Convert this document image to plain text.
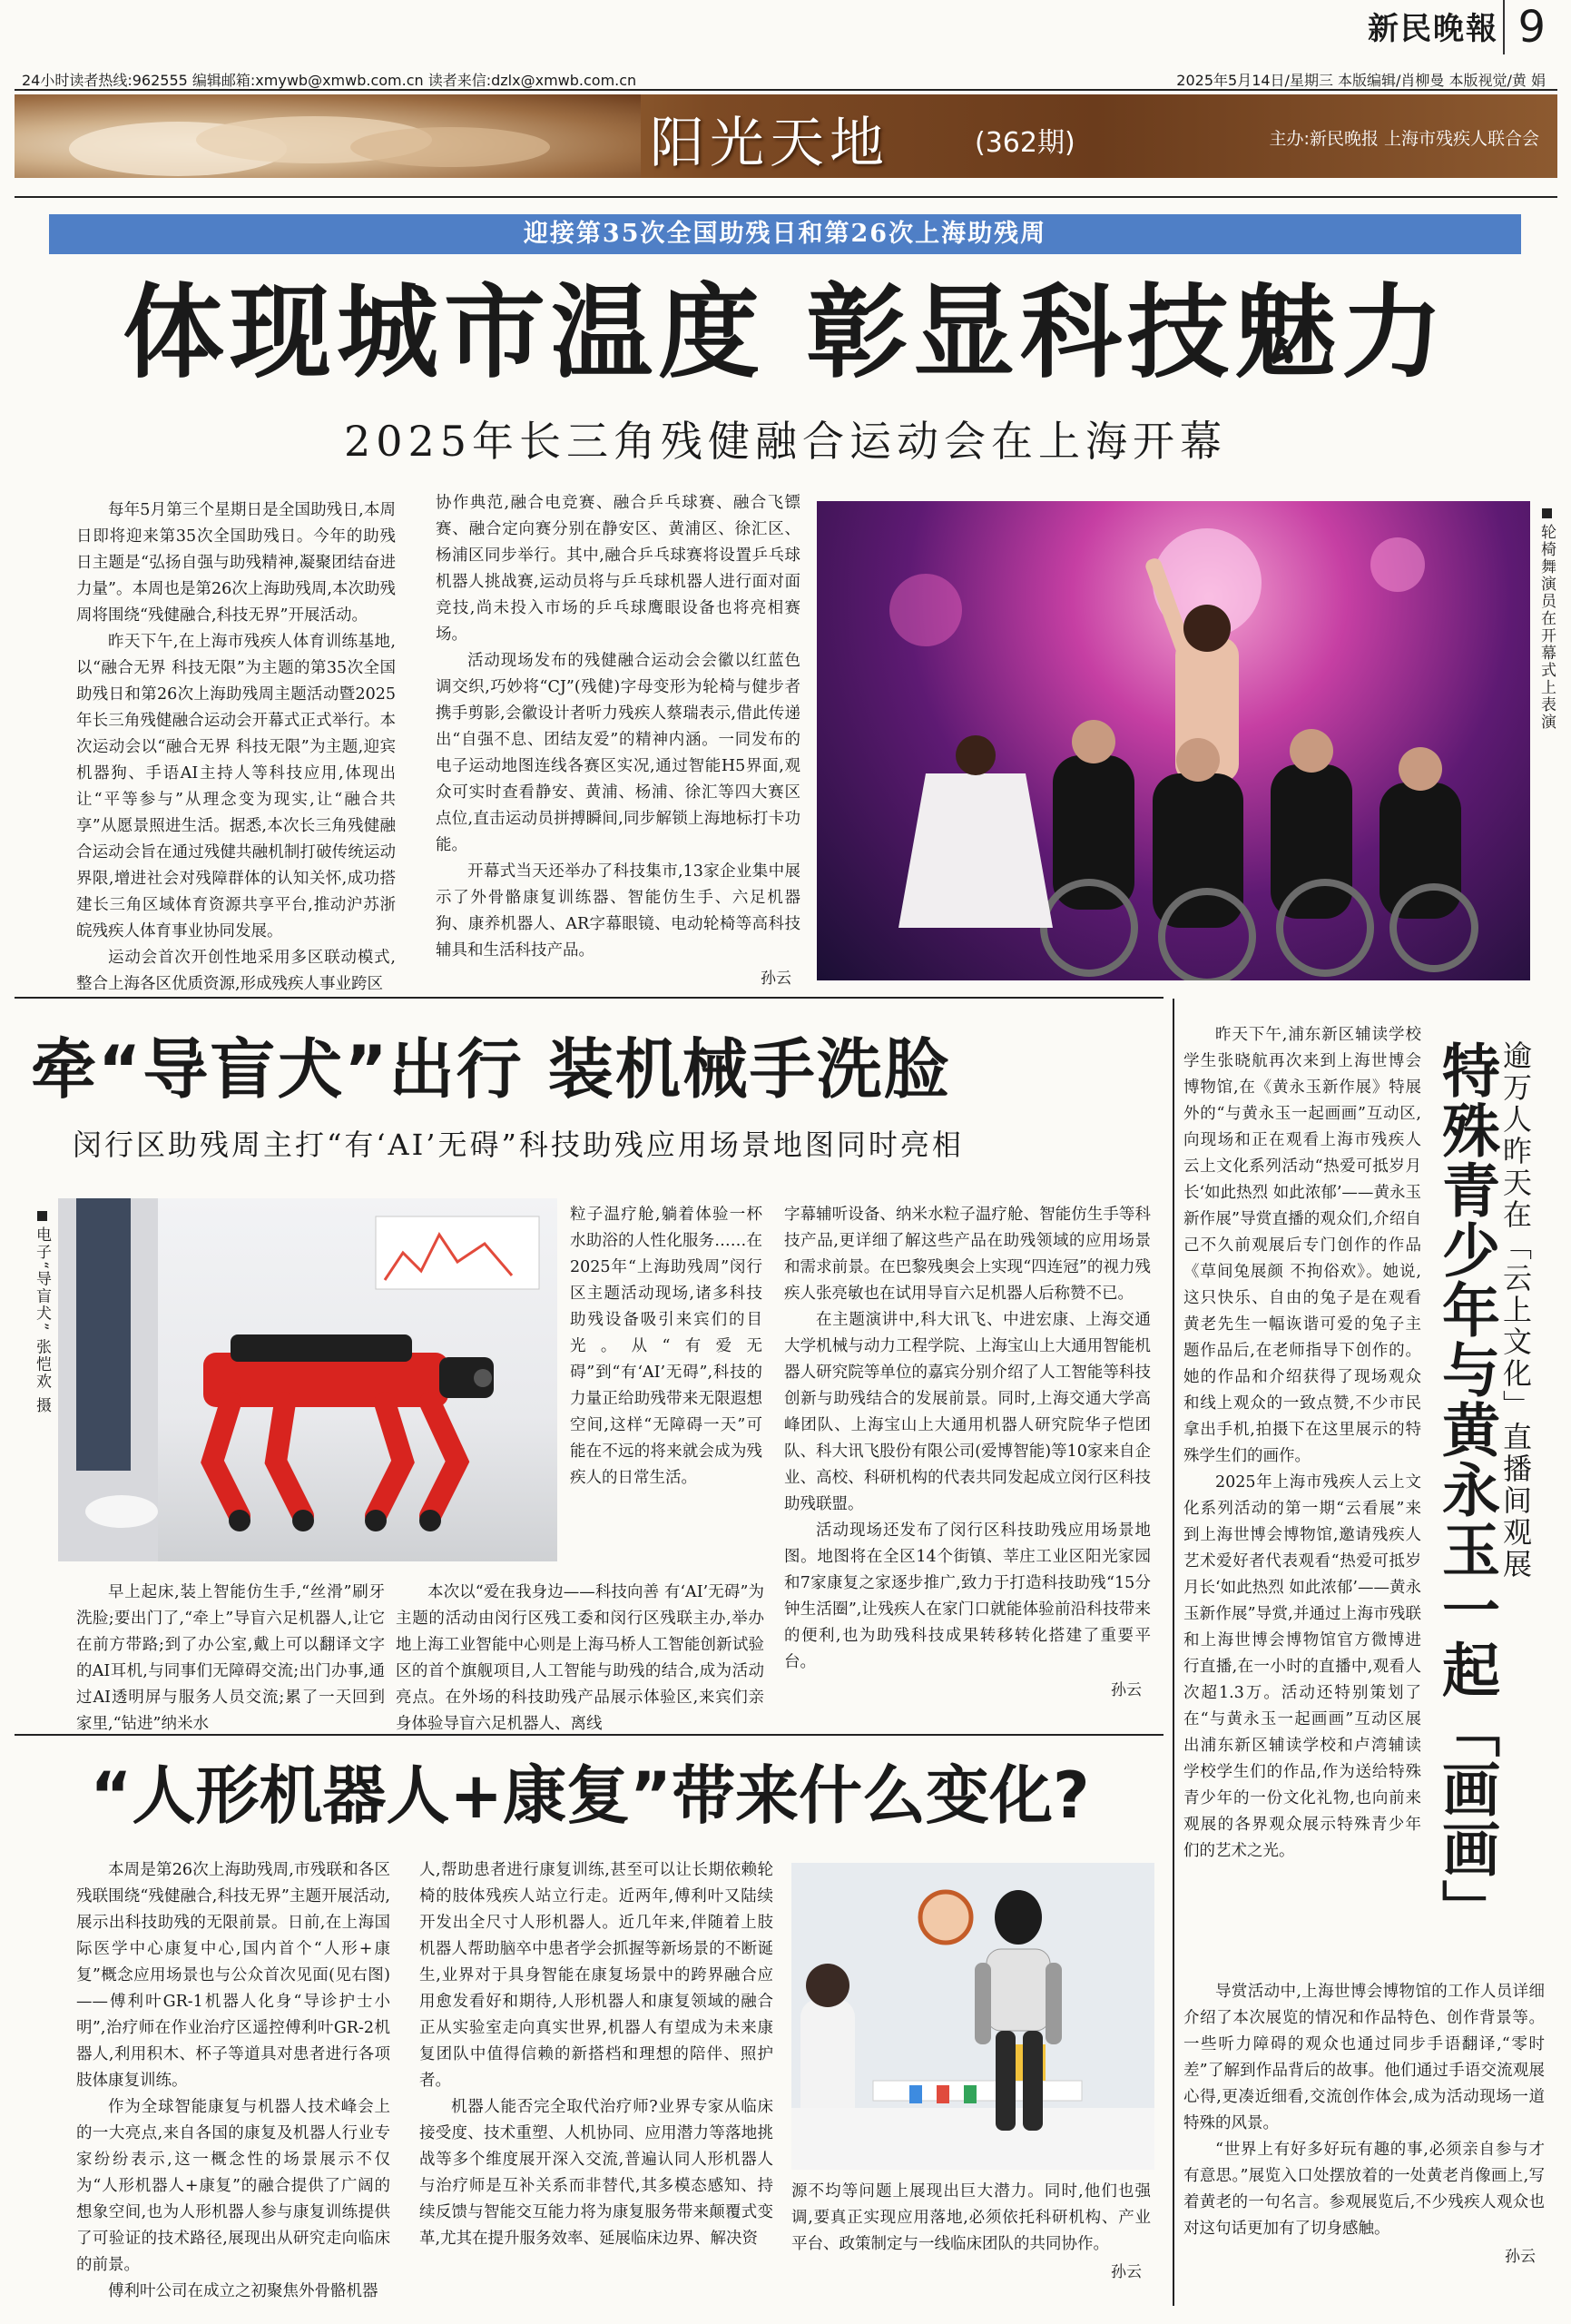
新民晚報 9
24小时读者热线:962555 编辑邮箱:xmywb@xmwb.com.cn 读者来信:dzlx@xmwb.com.cn	2025年5月14日/星期三 本版编辑/肖柳曼 本版视觉/黄 娟
阳光天地	(362期)	主办:新民晚报 上海市残疾人联合会
迎接第35次全国助残日和第26次上海助残周
体现城市温度 彰显科技魅力
2025年长三角残健融合运动会在上海开幕

每年5月第三个星期日是全国助残日,本周日即将迎来第35次全国助残日。今年的助残日主题是“弘扬自强与助残精神,凝聚团结奋进力量”。本周也是第26次上海助残周,本次助残周将围绕“残健融合,科技无界”开展活动。

昨天下午,在上海市残疾人体育训练基地,以“融合无界 科技无限”为主题的第35次全国助残日和第26次上海助残周主题活动暨2025年长三角残健融合运动会开幕式正式举行。本次运动会以“融合无界 科技无限”为主题,迎宾机器狗、手语AI主持人等科技应用,体现出让“平等参与”从理念变为现实,让“融合共享”从愿景照进生活。据悉,本次长三角残健融合运动会旨在通过残健共融机制打破传统运动界限,增进社会对残障群体的认知关怀,成功搭建长三角区域体育资源共享平台,推动沪苏浙皖残疾人体育事业协同发展。

运动会首次开创性地采用多区联动模式,整合上海各区优质资源,形成残疾人事业跨区

协作典范,融合电竞赛、融合乒乓球赛、融合飞镖赛、融合定向赛分别在静安区、黄浦区、徐汇区、杨浦区同步举行。其中,融合乒乓球赛将设置乒乓球机器人挑战赛,运动员将与乒乓球机器人进行面对面竞技,尚未投入市场的乒乓球鹰眼设备也将亮相赛场。

活动现场发布的残健融合运动会会徽以红蓝色调交织,巧妙将“CJ”(残健)字母变形为轮椅与健步者携手剪影,会徽设计者听力残疾人蔡瑞表示,借此传递出“自强不息、团结友爱”的精神内涵。一同发布的电子运动地图连线各赛区实况,通过智能H5界面,观众可实时查看静安、黄浦、杨浦、徐汇等四大赛区点位,直击运动员拼搏瞬间,同步解锁上海地标打卡功能。

开幕式当天还举办了科技集市,13家企业集中展示了外骨骼康复训练器、智能仿生手、六足机器狗、康养机器人、AR字幕眼镜、电动轮椅等高科技辅具和生活科技产品。

孙云
轮椅舞演员在开幕式上表演
牵“导盲犬”出行 装机械手洗脸
闵行区助残周主打“有‘AI’无碍”科技助残应用场景地图同时亮相
电子“导盲犬” 张恺欢 摄

早上起床,装上智能仿生手,“丝滑”刷牙洗脸;要出门了,“牵上”导盲六足机器人,让它在前方带路;到了办公室,戴上可以翻译文字的AI耳机,与同事们无障碍交流;出门办事,通过AI透明屏与服务人员交流;累了一天回到家里,“钻进”纳米水

粒子温疗舱,躺着体验一杯水助浴的人性化服务……在2025年“上海助残周”闵行区主题活动现场,诸多科技助残设备吸引来宾们的目光。从“有爱无碍”到“有‘AI’无碍”,科技的力量正给助残带来无限遐想空间,这样“无障碍一天”可能在不远的将来就会成为残疾人的日常生活。

本次以“爱在我身边——科技向善 有‘AI’无碍”为主题的活动由闵行区残工委和闵行区残联主办,举办地上海工业智能中心则是上海马桥人工智能创新试验区的首个旗舰项目,人工智能与助残的结合,成为活动亮点。在外场的科技助残产品展示体验区,来宾们亲身体验导盲六足机器人、离线

字幕辅听设备、纳米水粒子温疗舱、智能仿生手等科技产品,更详细了解这些产品在助残领域的应用场景和需求前景。在巴黎残奥会上实现“四连冠”的视力残疾人张亮敏也在试用导盲六足机器人后称赞不已。

在主题演讲中,科大讯飞、中进宏康、上海交通大学机械与动力工程学院、上海宝山上大通用智能机器人研究院等单位的嘉宾分别介绍了人工智能等科技创新与助残结合的发展前景。同时,上海交通大学高峰团队、上海宝山上大通用机器人研究院华子恺团队、科大讯飞股份有限公司(爱博智能)等10家来自企业、高校、科研机构的代表共同发起成立闵行区科技助残联盟。

活动现场还发布了闵行区科技助残应用场景地图。地图将在全区14个街镇、莘庄工业区阳光家园和7家康复之家逐步推广,致力于打造科技助残“15分钟生活圈”,让残疾人在家门口就能体验前沿科技带来的便利,也为助残科技成果转移转化搭建了重要平台。

孙云

昨天下午,浦东新区辅读学校学生张晓航再次来到上海世博会博物馆,在《黄永玉新作展》特展外的“与黄永玉一起画画”互动区,向现场和正在观看上海市残疾人云上文化系列活动“热爱可抵岁月长‘如此热烈 如此浓郁’——黄永玉新作展”导赏直播的观众们,介绍自己不久前观展后专门创作的作品《草间兔展颜 不拘俗欢》。她说,这只快乐、自由的兔子是在观看黄老先生一幅诙谐可爱的兔子主题作品后,在老师指导下创作的。她的作品和介绍获得了现场观众和线上观众的一致点赞,不少市民拿出手机,拍摄下在这里展示的特殊学生们的画作。

2025年上海市残疾人云上文化系列活动的第一期“云看展”来到上海世博会博物馆,邀请残疾人艺术爱好者代表观看“热爱可抵岁月长‘如此热烈 如此浓郁’——黄永玉新作展”导赏,并通过上海市残联和上海世博会博物馆官方微博进行直播,在一小时的直播中,观看人次超1.3万。活动还特别策划了在“与黄永玉一起画画”互动区展出浦东新区辅读学校和卢湾辅读学校学生们的作品,作为送给特殊青少年的一份文化礼物,也向前来观展的各界观众展示特殊青少年们的艺术之光。	特殊青少年与黄永玉一起「画画」 逾万人昨天在「云上文化」直播间观展

导赏活动中,上海世博会博物馆的工作人员详细介绍了本次展览的情况和作品特色、创作背景等。一些听力障碍的观众也通过同步手语翻译,“零时差”了解到作品背后的故事。他们通过手语交流观展心得,更凑近细看,交流创作体会,成为活动现场一道特殊的风景。

“世界上有好多好玩有趣的事,必须亲自参与才有意思。”展览入口处摆放着的一处黄老肖像画上,写着黄老的一句名言。参观展览后,不少残疾人观众也对这句话更加有了切身感触。

孙云
“人形机器人+康复”带来什么变化?

本周是第26次上海助残周,市残联和各区残联围绕“残健融合,科技无界”主题开展活动,展示出科技助残的无限前景。日前,在上海国际医学中心康复中心,国内首个“人形+康复”概念应用场景也与公众首次见面(见右图)——傅利叶GR-1机器人化身“导诊护士小明”,治疗师在作业治疗区遥控傅利叶GR-2机器人,利用积木、杯子等道具对患者进行各项肢体康复训练。

作为全球智能康复与机器人技术峰会上的一大亮点,来自各国的康复及机器人行业专家纷纷表示,这一概念性的场景展示不仅为“人形机器人+康复”的融合提供了广阔的想象空间,也为人形机器人参与康复训练提供了可验证的技术路径,展现出从研究走向临床的前景。

傅利叶公司在成立之初聚焦外骨骼机器

人,帮助患者进行康复训练,甚至可以让长期依赖轮椅的肢体残疾人站立行走。近两年,傅利叶又陆续开发出全尺寸人形机器人。近几年来,伴随着上肢机器人帮助脑卒中患者学会抓握等新场景的不断诞生,业界对于具身智能在康复场景中的跨界融合应用愈发看好和期待,人形机器人和康复领域的融合正从实验室走向真实世界,机器人有望成为未来康复团队中值得信赖的新搭档和理想的陪伴、照护者。

机器人能否完全取代治疗师?业界专家从临床接受度、技术重塑、人机协同、应用潜力等落地挑战等多个维度展开深入交流,普遍认同人形机器人与治疗师是互补关系而非替代,其多模态感知、持续反馈与智能交互能力将为康复服务带来颠覆式变革,尤其在提升服务效率、延展临床边界、解决资

源不均等问题上展现出巨大潜力。同时,他们也强调,要真正实现应用落地,必须依托科研机构、产业平台、政策制定与一线临床团队的共同协作。

孙云
